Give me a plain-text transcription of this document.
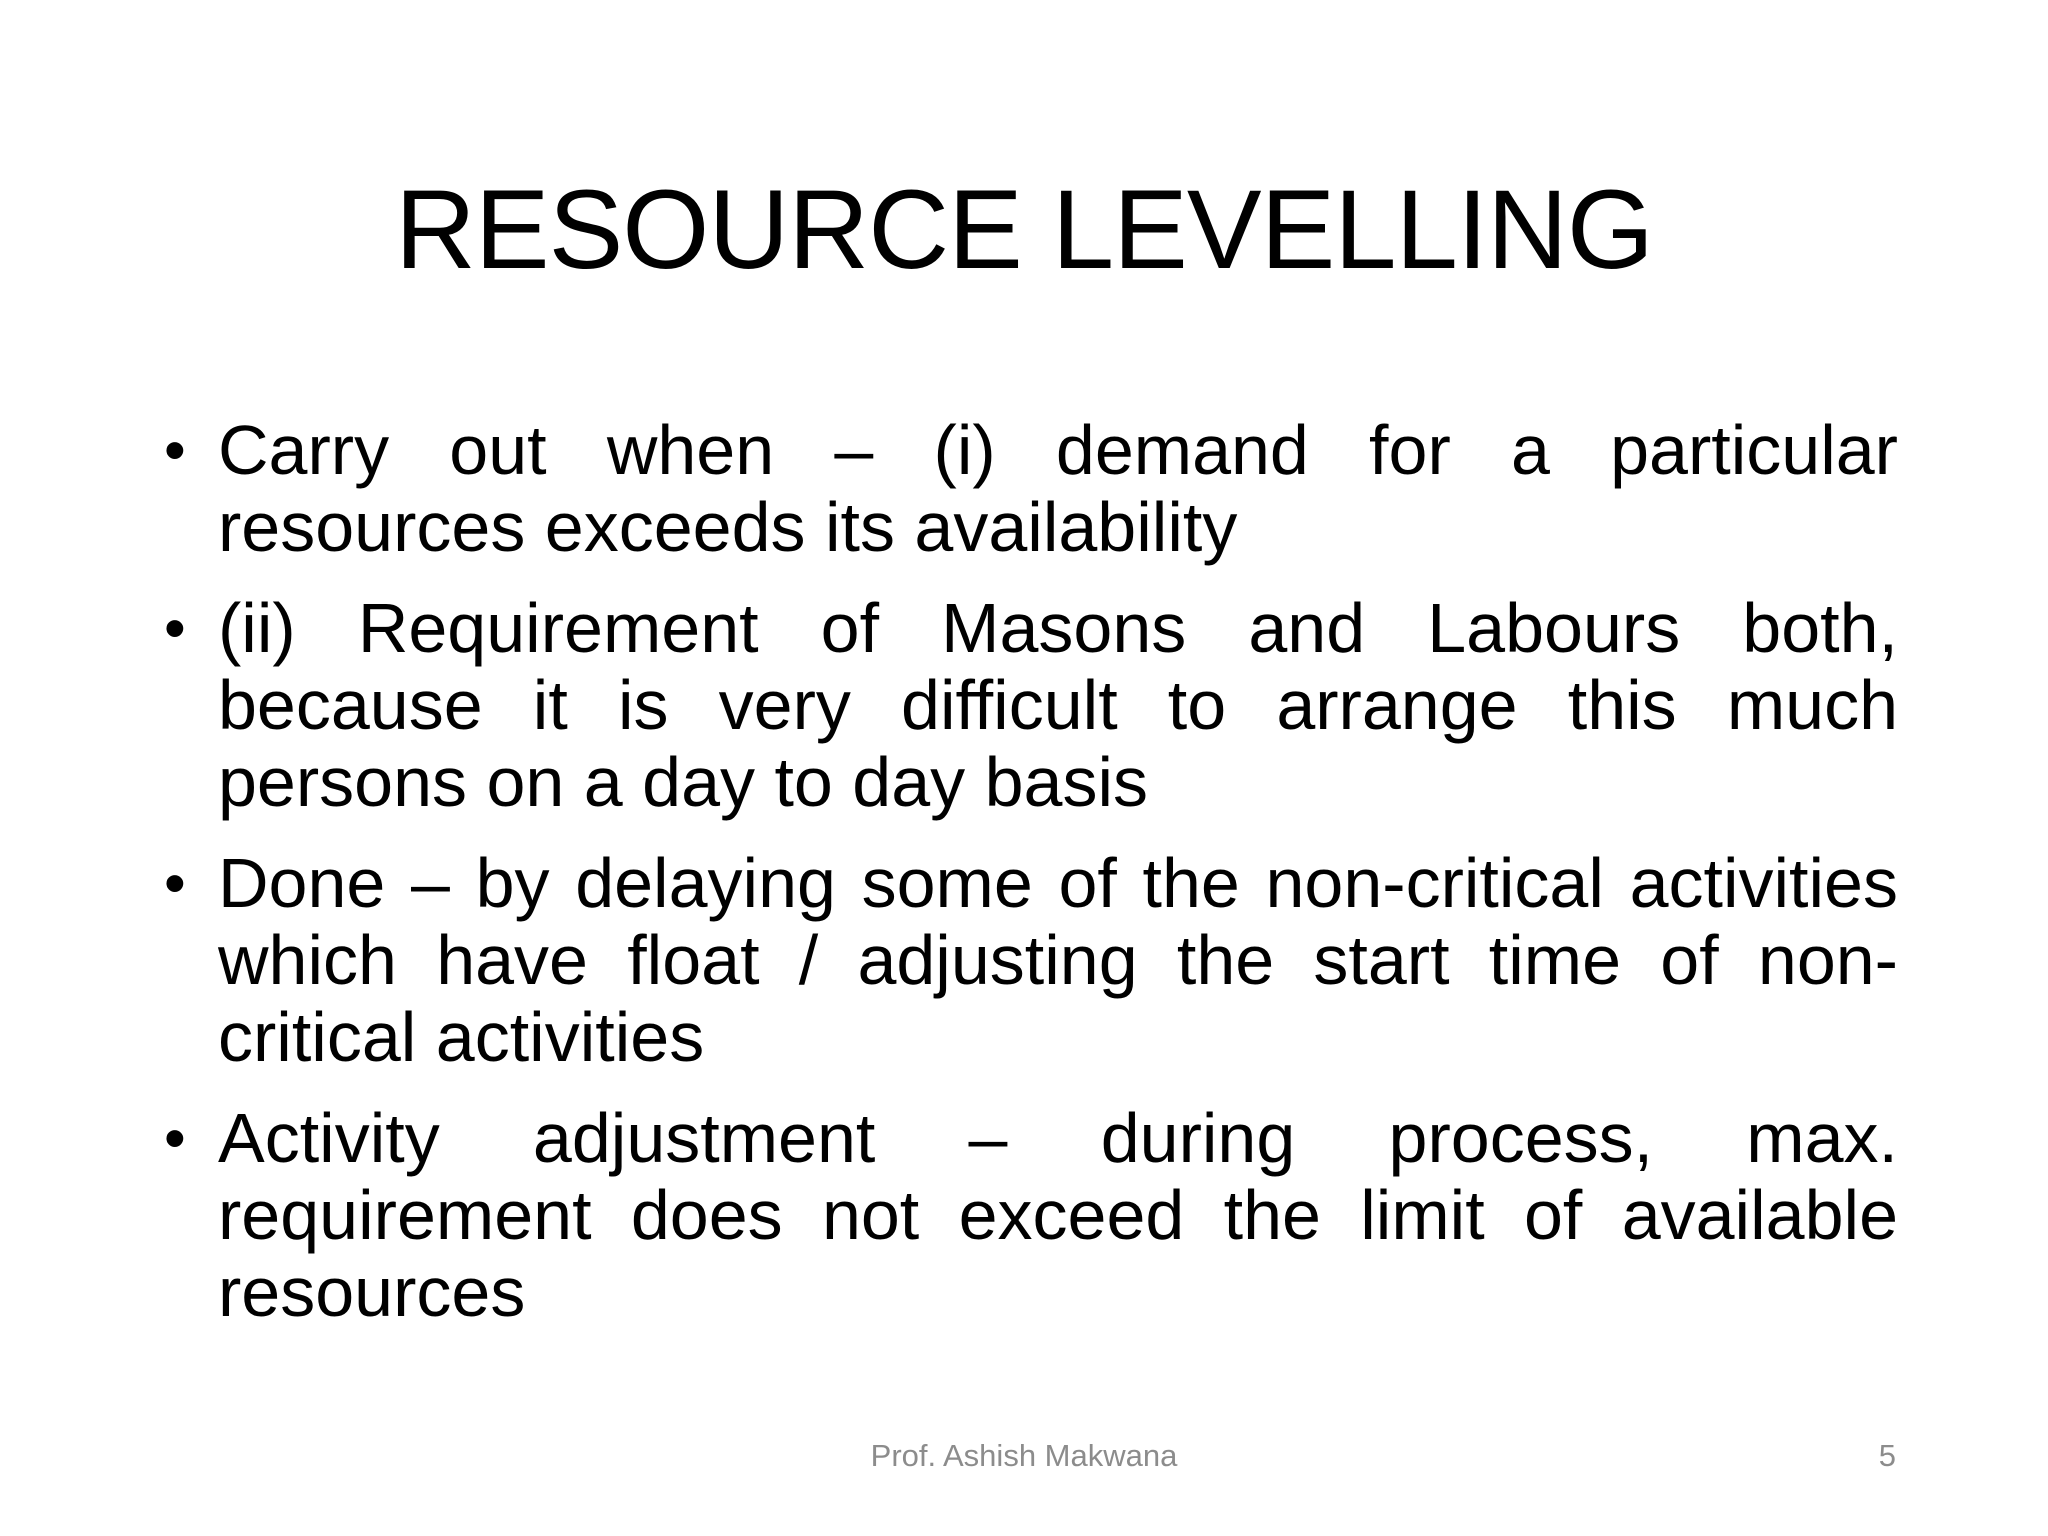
RESOURCE LEVELLING
• Carry out when – (i) demand for a particular resources exceeds its availability
• (ii) Requirement of Masons and Labours both, because it is very difficult to arrange this much persons on a day to day basis
• Done – by delaying some of the non-critical activities which have float / adjusting the start time of non-critical activities
• Activity adjustment – during process, max. requirement does not exceed the limit of available resources
Prof. Ashish Makwana	5
